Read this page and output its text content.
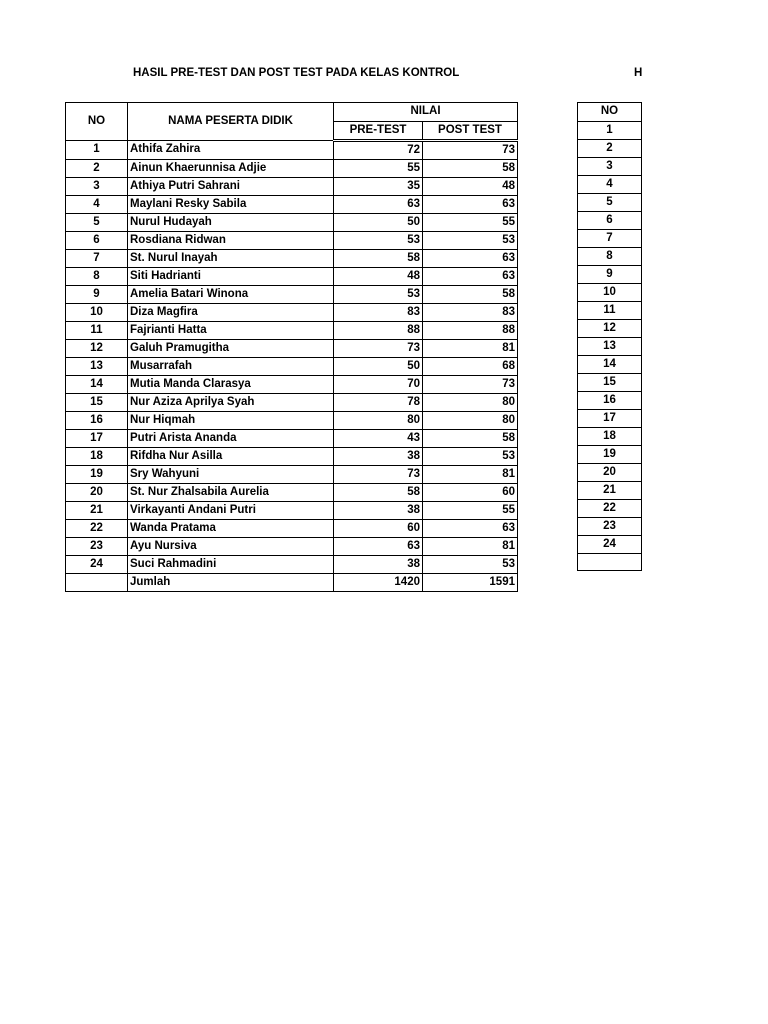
HASIL PRE-TEST DAN POST TEST PADA KELAS KONTROL	H
NO	NAMA PESERTA DIDIK	NILAI	
		PRE-TEST	POST TEST
1	Athifa Zahira	72	73
2	Ainun Khaerunnisa Adjie	55	58
3	Athiya Putri Sahrani	35	48
4	Maylani Resky Sabila	63	63
5	Nurul Hudayah	50	55
6	Rosdiana Ridwan	53	53
7	St. Nurul Inayah	58	63
8	Siti Hadrianti	48	63
9	Amelia Batari Winona	53	58
10	Diza Magfira	83	83
11	Fajrianti Hatta	88	88
12	Galuh Pramugitha	73	81
13	Musarrafah	50	68
14	Mutia Manda Clarasya	70	73
15	Nur Aziza Aprilya Syah	78	80
16	Nur Hiqmah	80	80
17	Putri Arista Ananda	43	58
18	Rifdha Nur Asilla	38	53
19	Sry Wahyuni	73	81
20	St. Nur Zhalsabila Aurelia	58	60
21	Virkayanti Andani Putri	38	55
22	Wanda Pratama	60	63
23	Ayu Nursiva	63	81
24	Suci Rahmadini	38	53
	Jumlah	1420	1591
NO

1
2
3
4
5
6
7
8
9
10
11
12
13
14
15
16
17
18
19
20
21
22
23
24
